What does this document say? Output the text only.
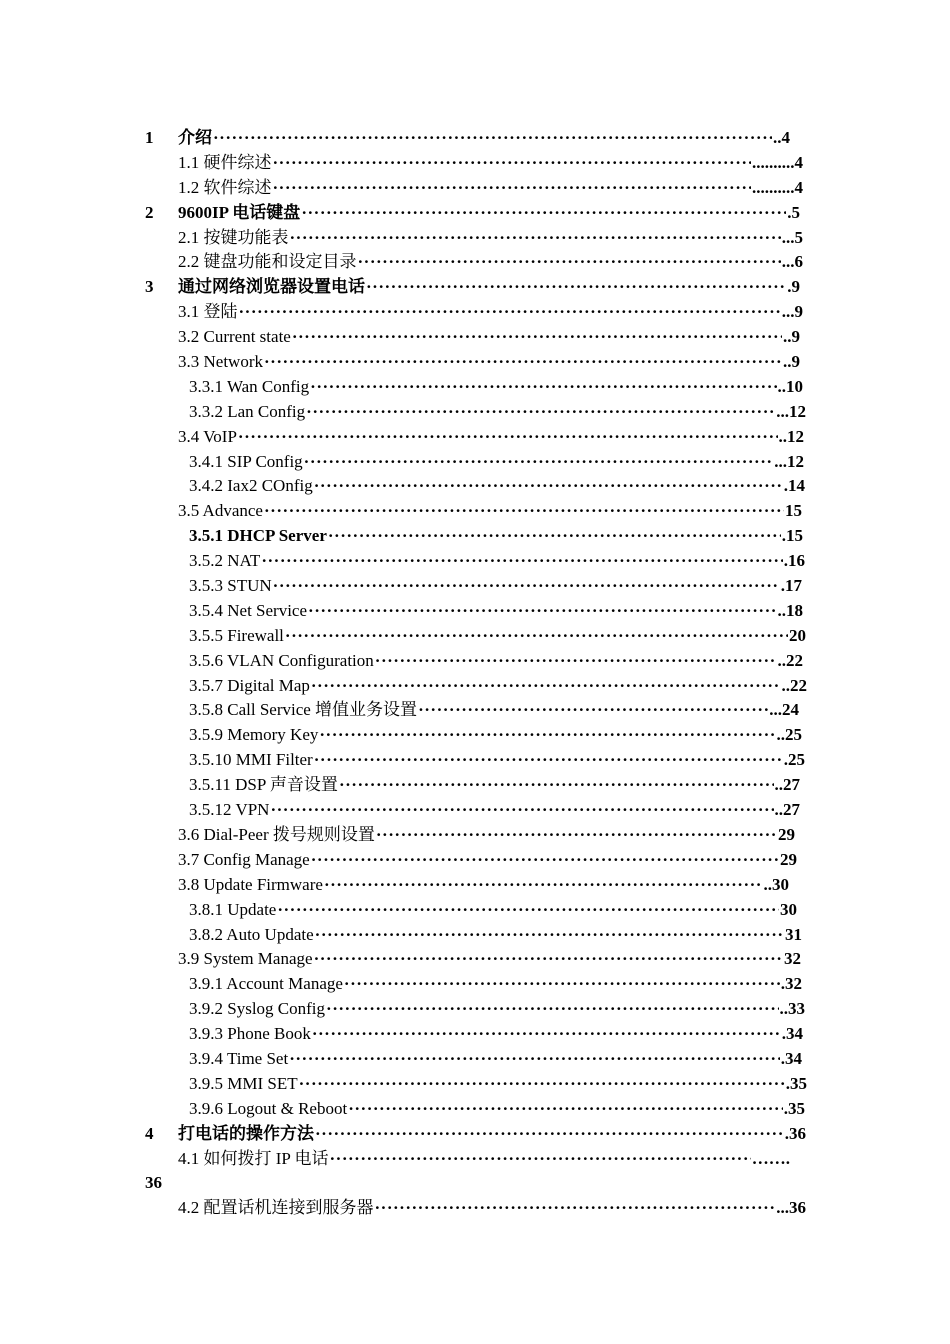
1 介绍 ·····	..4
1.1 硬件综述 ·····	..........4
1.2 软件综述 ·····	..........4
2 9600IP 电话键盘 ·····	.5
2.1 按键功能表 ·····	...5
2.2 键盘功能和设定目录 ·····	...6
3 通过网络浏览器设置电话 ·····	.9
3.1 登陆 ·····	...9
3.2 Current state ·····	..9
3.3 Network ·····	..9
3.3.1 Wan Config ·····	..10
3.3.2 Lan Config ·····	...12
3.4 VoIP ·····	..12
3.4.1 SIP Config ·····	...12
3.4.2 Iax2 COnfig ·····	.14
3.5 Advance ·····	15
3.5.1 DHCP Server ·····	.15
3.5.2 NAT ·····	.16
3.5.3 STUN ·····	.17
3.5.4 Net Service ·····	..18
3.5.5 Firewall ·····	20
3.5.6 VLAN Configuration ·····	..22
3.5.7 Digital Map ·····	..22
3.5.8 Call Service 增值业务设置 ·····	...24
3.5.9 Memory Key ·····	..25
3.5.10 MMI Filter ·····	.25
3.5.11 DSP 声音设置 ·····	..27
3.5.12 VPN ·····	..27
3.6 Dial-Peer 拨号规则设置 ·····	29
3.7 Config Manage ·····	29
3.8 Update Firmware ·····	..30
3.8.1 Update ·····	30
3.8.2 Auto Update ·····	31
3.9 System Manage ·····	32
3.9.1 Account Manage ·····	.32
3.9.2 Syslog Config ·····	..33
3.9.3 Phone Book ·····	.34
3.9.4 Time Set ·····	.34
3.9.5 MMI SET ·····	.35
3.9.6 Logout & Reboot ·····	.35
4 打电话的操作方法 ·····	.36
4.1 如何拨打 IP 电话 ·····	…….
36
4.2 配置话机连接到服务器 ·····	...36
